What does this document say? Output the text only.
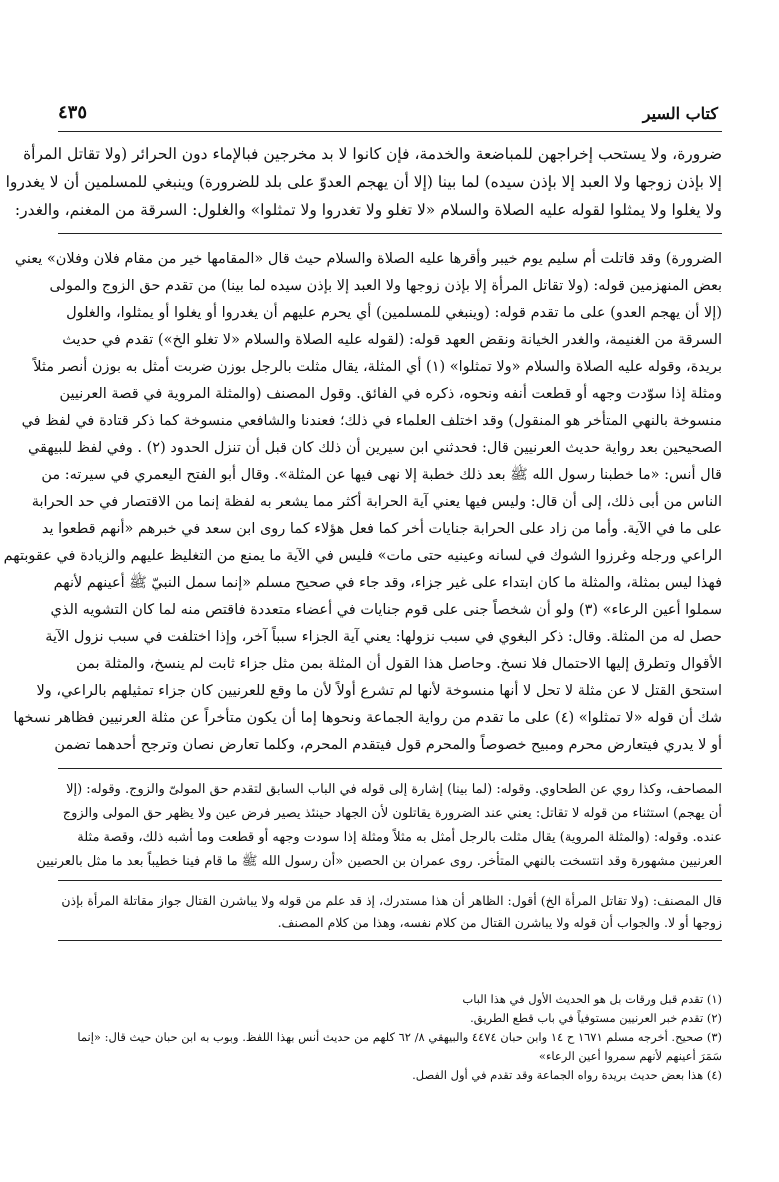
كتاب السير
٤٣٥
ضرورة، ولا يستحب إخراجهن للمباضعة والخدمة، فإن كانوا لا بد مخرجين فبالإماء دون الحرائر (ولا تقاتل المرأة
إلا بإذن زوجها ولا العبد إلا بإذن سيده) لما بينا (إلا أن يهجم العدوّ على بلد للضرورة) وينبغي للمسلمين أن لا يغدروا
ولا يغلوا ولا يمثلوا لقوله عليه الصلاة والسلام «لا تغلو ولا تغدروا ولا تمثلوا» والغلول: السرقة من المغنم، والغدر:
الضرورة) وقد قاتلت أم سليم يوم خيبر وأقرها عليه الصلاة والسلام حيث قال «المقامها خير من مقام فلان وفلان» يعني
بعض المنهزمين قوله: (ولا تقاتل المرأة إلا بإذن زوجها ولا العبد إلا بإذن سيده لما بينا) من تقدم حق الزوج والمولى
(إلا أن يهجم العدو) على ما تقدم قوله: (وينبغي للمسلمين) أي يحرم عليهم أن يغدروا أو يغلوا أو يمثلوا، والغلول
السرقة من الغنيمة، والغدر الخيانة ونقض العهد قوله: (لقوله عليه الصلاة والسلام «لا تغلو الخ») تقدم في حديث
بريدة، وقوله عليه الصلاة والسلام «ولا تمثلوا» (١) أي المثلة، يقال مثلت بالرجل بوزن ضربت أمثل به بوزن أنصر مثلاً
ومثلة إذا سوّدت وجهه أو قطعت أنفه ونحوه، ذكره في الفائق. وقول المصنف (والمثلة المروية في قصة العرنيين
منسوخة بالنهي المتأخر هو المنقول) وقد اختلف العلماء في ذلك؛ فعندنا والشافعي منسوخة كما ذكر قتادة في لفظ في
الصحيحين بعد رواية حديث العرنيين قال: فحدثني ابن سيرين أن ذلك كان قبل أن تنزل الحدود (٢) . وفي لفظ للبيهقي
قال أنس: «ما خطبنا رسول الله ﷺ بعد ذلك خطبة إلا نهى فيها عن المثلة». وقال أبو الفتح اليعمري في سيرته: من
الناس من أبى ذلك، إلى أن قال: وليس فيها يعني آية الحرابة أكثر مما يشعر به لفظة إنما من الاقتصار في حد الحرابة
على ما في الآية. وأما من زاد على الحرابة جنايات أخر كما فعل هؤلاء كما روى ابن سعد في خبرهم «أنهم قطعوا يد
الراعي ورجله وغرزوا الشوك في لسانه وعينيه حتى مات» فليس في الآية ما يمنع من التغليظ عليهم والزيادة في عقوبتهم
فهذا ليس بمثلة، والمثلة ما كان ابتداء على غير جزاء، وقد جاء في صحيح مسلم «إنما سمل النبيّ ﷺ أعينهم لأنهم
سملوا أعين الرعاء» (٣) ولو أن شخصاً جنى على قوم جنايات في أعضاء متعددة فاقتص منه لما كان التشويه الذي
حصل له من المثلة. وقال: ذكر البغوي في سبب نزولها: يعني آية الجزاء سبباً آخر، وإذا اختلفت في سبب نزول الآية
الأقوال وتطرق إليها الاحتمال فلا نسخ. وحاصل هذا القول أن المثلة بمن مثل جزاء ثابت لم ينسخ، والمثلة بمن
استحق القتل لا عن مثلة لا تحل لا أنها منسوخة لأنها لم تشرع أولاً لأن ما وقع للعرنيين كان جزاء تمثيلهم بالراعي، ولا
شك أن قوله «لا تمثلوا» (٤) على ما تقدم من رواية الجماعة ونحوها إما أن يكون متأخراً عن مثلة العرنيين فظاهر نسخها
أو لا يدري فيتعارض محرم ومبيح خصوصاً والمحرم قول فيتقدم المحرم، وكلما تعارض نصان وترجح أحدهما تضمن
المصاحف، وكذا روي عن الطحاوي. وقوله: (لما بينا) إشارة إلى قوله في الباب السابق لتقدم حق المولىّ والزوج. وقوله: (إلا
أن يهجم) استثناء من قوله لا تقاتل: يعني عند الضرورة يقاتلون لأن الجهاد حينئذ يصير فرض عين ولا يظهر حق المولى والزوج
عنده. وقوله: (والمثلة المروية) يقال مثلت بالرجل أمثل به مثلاً ومثلة إذا سودت وجهه أو قطعت وما أشبه ذلك، وقصة مثلة
العرنيين مشهورة وقد انتسخت بالنهي المتأخر. روى عمران بن الحصين «أن رسول الله ﷺ ما قام فينا خطيباً بعد ما مثل بالعرنيين
قال المصنف: (ولا تقاتل المرأة الخ) أقول: الظاهر أن هذا مستدرك، إذ قد علم من قوله ولا يباشرن القتال جواز مقاتلة المرأة بإذن
زوجها أو لا. والجواب أن قوله ولا يباشرن القتال من كلام نفسه، وهذا من كلام المصنف.
(١) تقدم قبل ورقات بل هو الحديث الأول في هذا الباب
(٢) تقدم خبر العرنيين مستوفياً في باب قطع الطريق.
(٣) صحيح. أخرجه مسلم ١٦٧١ ح ١٤ وابن حبان ٤٤٧٤ والبيهقي ٨/ ٦٢ كلهم من حديث أنس بهذا اللفظ. وبوب به ابن حبان حيث قال: «إنما
سَمَرَ أعينهم لأنهم سمروا أعين الرعاء»
(٤) هذا بعض حديث بريدة رواه الجماعة وقد تقدم في أول الفصل.
